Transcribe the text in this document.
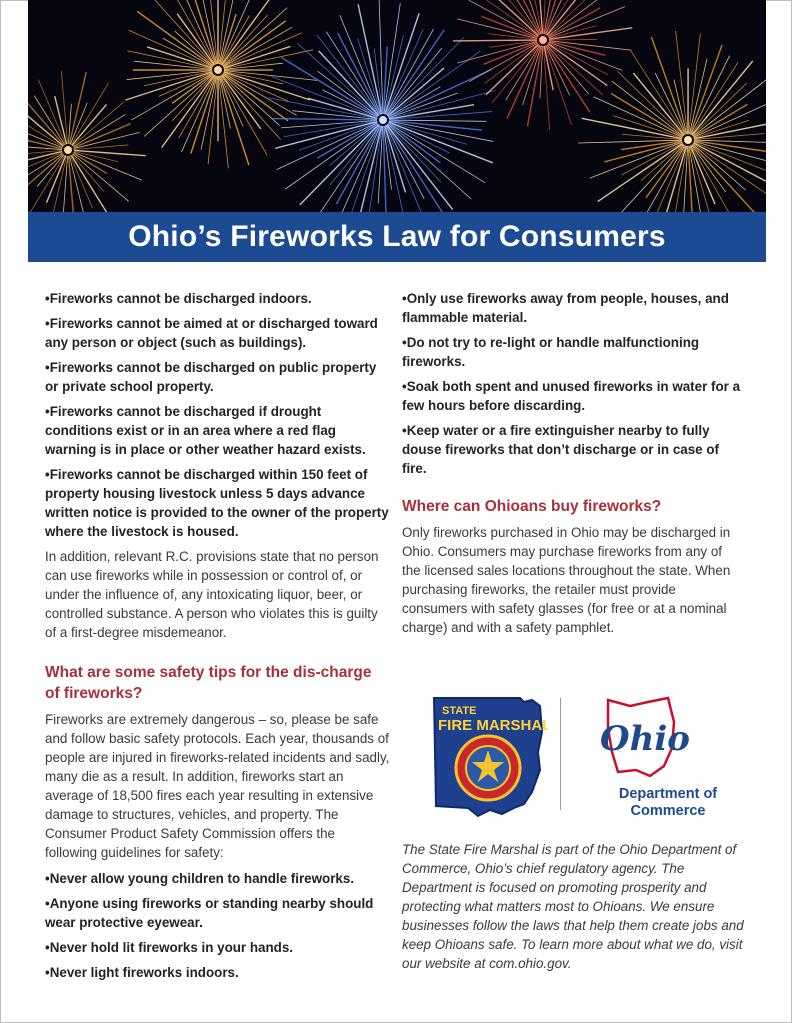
Ohio’s Fireworks Law for Consumers

• Fireworks cannot be discharged indoors.

• Fireworks cannot be aimed at or discharged toward any person or object (such as buildings).

• Fireworks cannot be discharged on public property or private school property.

• Fireworks cannot be discharged if drought conditions exist or in an area where a red flag warning is in place or other weather hazard exists.

• Fireworks cannot be discharged within 150 feet of property housing livestock unless 5 days advance written notice is provided to the owner of the property where the livestock is housed.

In addition, relevant R.C. provisions state that no person can use fireworks while in possession or control of, or under the influence of, any intoxicating liquor, beer, or controlled substance. A person who violates this is guilty of a first-degree misdemeanor.

What are some safety tips for the dis-charge of fireworks?

Fireworks are extremely dangerous – so, please be safe and follow basic safety protocols. Each year, thousands of people are injured in fireworks-related incidents and sadly, many die as a result. In addition, fireworks start an average of 18,500 fires each year resulting in extensive damage to structures, vehicles, and property. The Consumer Product Safety Commission offers the following guidelines for safety:

• Never allow young children to handle fireworks.

• Anyone using fireworks or standing nearby should wear protective eyewear.

• Never hold lit fireworks in your hands.

• Never light fireworks indoors.

• Only use fireworks away from people, houses, and flammable material.

• Do not try to re-light or handle malfunctioning fireworks.

• Soak both spent and unused fireworks in water for a few hours before discarding.

• Keep water or a fire extinguisher nearby to fully douse fireworks that don’t discharge or in case of fire.

Where can Ohioans buy fireworks?

Only fireworks purchased in Ohio may be discharged in Ohio. Consumers may purchase fireworks from any of the licensed sales locations throughout the state. When purchasing fireworks, the retailer must provide consumers with safety glasses (for free or at a nominal charge) and with a safety pamphlet.

STATE
FIRE MARSHAL Ohio
Department of
Commerce

The State Fire Marshal is part of the Ohio Department of Commerce, Ohio’s chief regulatory agency. The Department is focused on promoting prosperity and protecting what matters most to Ohioans. We ensure businesses follow the laws that help them create jobs and keep Ohioans safe. To learn more about what we do, visit our website at com.ohio.gov.
